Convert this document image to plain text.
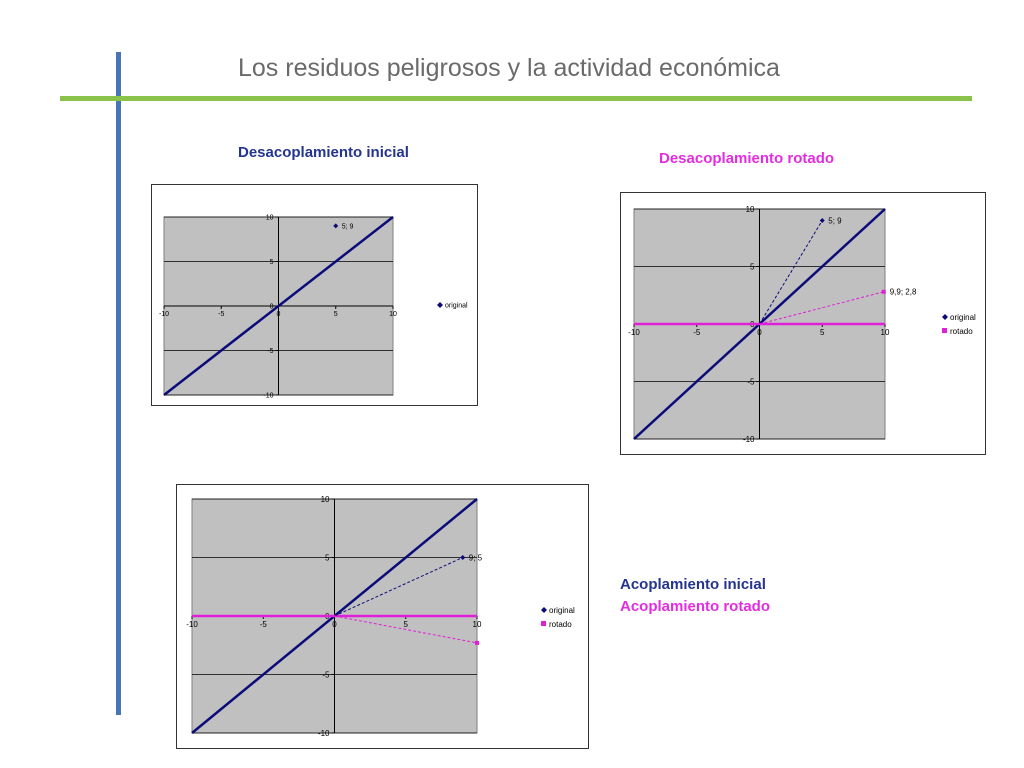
Los residuos peligrosos y la actividad económica
Desacoplamiento inicial	Desacoplamiento rotado
Acoplamiento inicial
Acoplamiento rotado
-10	-5	0	5	10
-10
-5
0
5
10
5; 9
original
-10	-5	0	5	10
-10
-5
0
5
10
5; 9
9,9; 2,8
original
rotado
-10	-5	0	5	10
-10
-5
0
5
10
9; 5
original
rotado
